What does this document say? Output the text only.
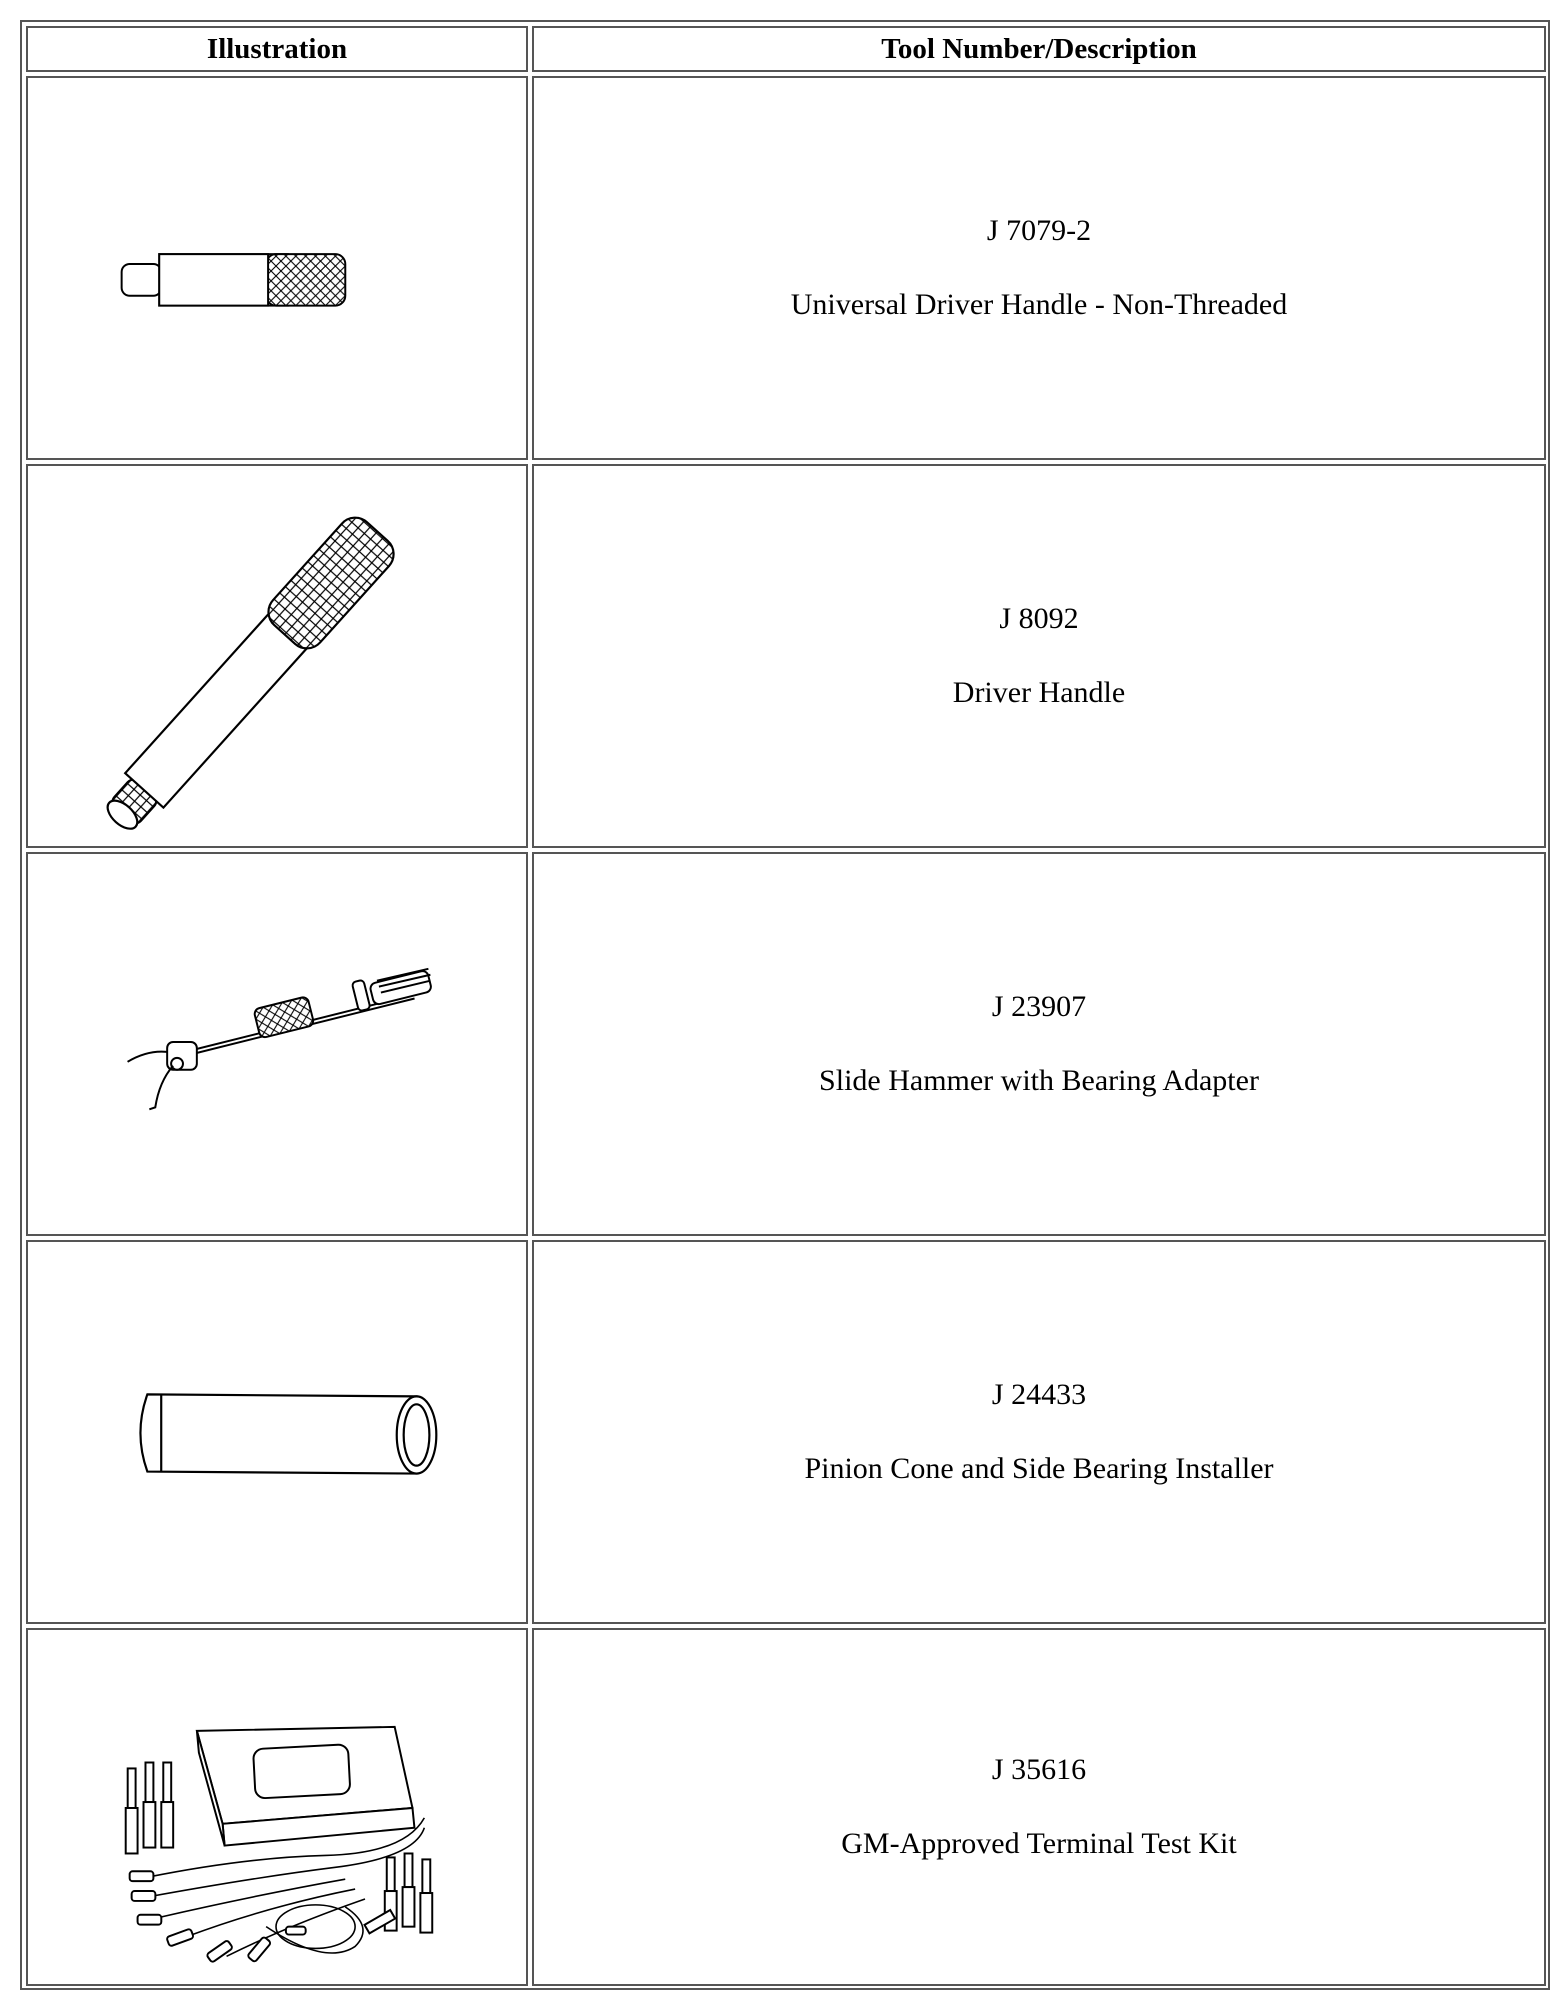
Illustration	Tool Number/Description
J 7079-2
Universal Driver Handle - Non-Threaded
J 8092
Driver Handle
J 23907
Slide Hammer with Bearing Adapter
J 24433
Pinion Cone and Side Bearing Installer
J 35616
GM-Approved Terminal Test Kit
